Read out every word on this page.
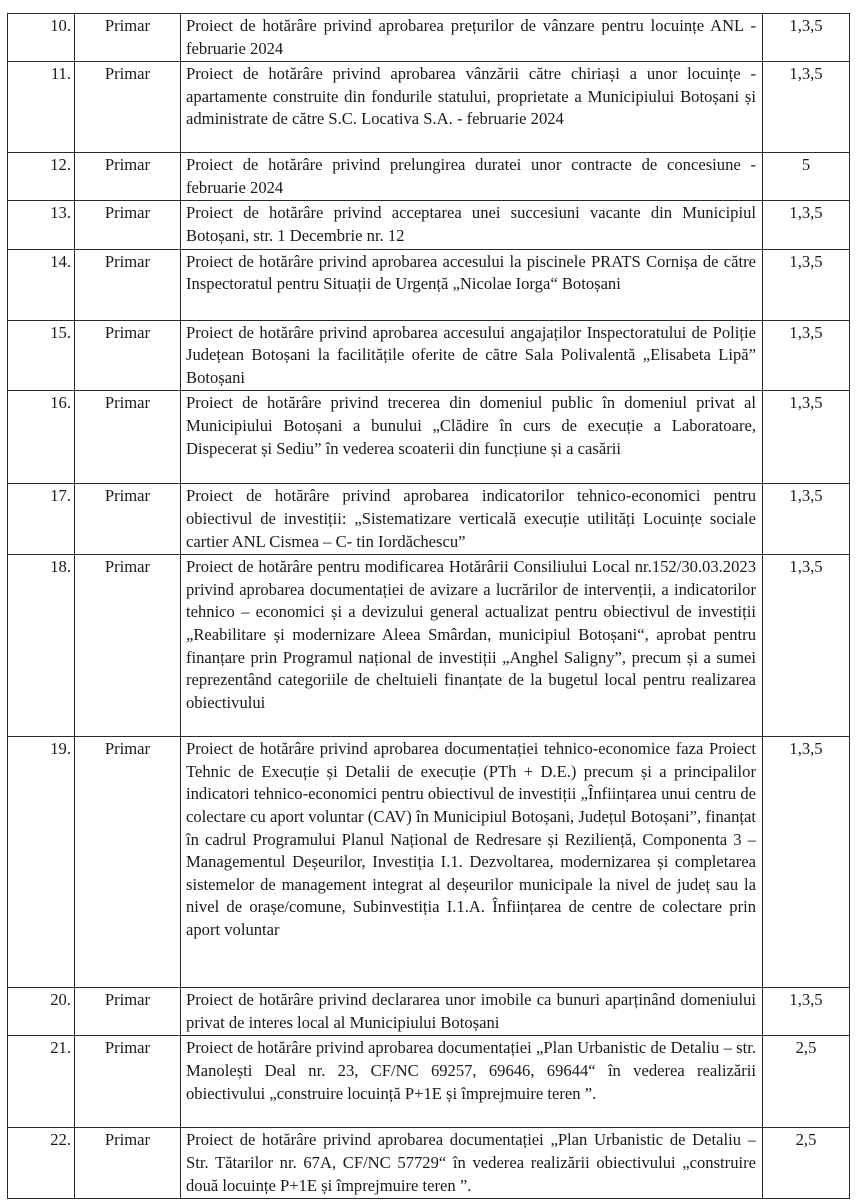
10.	Primar	Proiect de hotărâre privind aprobarea prețurilor de vânzare pentru locuințe ANL - februarie 2024	1,3,5
11.	Primar	Proiect de hotărâre privind aprobarea vânzării către chiriași a unor locuințe - apartamente construite din fondurile statului, proprietate a Municipiului Botoșani și administrate de către S.C. Locativa S.A. - februarie 2024	1,3,5
12.	Primar	Proiect de hotărâre privind prelungirea duratei unor contracte de concesiune -februarie 2024	5
13.	Primar	Proiect de hotărâre privind acceptarea unei succesiuni vacante din Municipiul Botoșani, str. 1 Decembrie nr. 12	1,3,5
14.	Primar	Proiect de hotărâre privind aprobarea accesului la piscinele PRATS Cornișa de către Inspectoratul pentru Situații de Urgență „Nicolae Iorga“ Botoșani	1,3,5
15.	Primar	Proiect de hotărâre privind aprobarea accesului angajaților Inspectoratului de Poliție Județean Botoșani la facilitățile oferite de către Sala Polivalentă „Elisabeta Lipă” Botoșani	1,3,5
16.	Primar	Proiect de hotărâre privind trecerea din domeniul public în domeniul privat al Municipiului Botoșani a bunului „Clădire în curs de execuție a Laboratoare, Dispecerat și Sediu” în vederea scoaterii din funcțiune și a casării	1,3,5
17.	Primar	Proiect de hotărâre privind aprobarea indicatorilor tehnico-economici pentru obiectivul de investiții: „Sistematizare verticală execuție utilități Locuințe sociale cartier ANL Cismea – C- tin Iordăchescu”	1,3,5
18.	Primar	Proiect de hotărâre pentru modificarea Hotărârii Consiliului Local nr.152/30.03.2023 privind aprobarea documentației de avizare a lucrărilor de intervenții, a indicatorilor tehnico – economici și a devizului general actualizat pentru obiectivul de investiții „Reabilitare și modernizare Aleea Smârdan, municipiul Botoșani“, aprobat pentru finanțare prin Programul național de investiții „Anghel Saligny”, precum și a sumei reprezentând categoriile de cheltuieli finanțate de la bugetul local pentru realizarea obiectivului	1,3,5
19.	Primar	Proiect de hotărâre privind aprobarea documentației tehnico-economice faza Proiect Tehnic de Execuție și Detalii de execuție (PTh + D.E.) precum și a principalilor indicatori tehnico-economici pentru obiectivul de investiții „Înființarea unui centru de colectare cu aport voluntar (CAV) în Municipiul Botoșani, Județul Botoșani”, finanțat în cadrul Programului Planul Național de Redresare și Reziliență, Componenta 3 – Managementul Deșeurilor, Investiția I.1. Dezvoltarea, modernizarea și completarea sistemelor de management integrat al deșeurilor municipale la nivel de județ sau la nivel de orașe/comune, Subinvestiția I.1.A. Înființarea de centre de colectare prin aport voluntar	1,3,5
20.	Primar	Proiect de hotărâre privind declararea unor imobile ca bunuri aparținând domeniului privat de interes local al Municipiului Botoșani	1,3,5
21.	Primar	Proiect de hotărâre privind aprobarea documentației „Plan Urbanistic de Detaliu – str. Manolești Deal nr. 23, CF/NC 69257, 69646, 69644“ în vederea realizării obiectivului „construire locuință P+1E și împrejmuire teren ”.	2,5
22.	Primar	Proiect de hotărâre privind aprobarea documentației „Plan Urbanistic de Detaliu – Str. Tătarilor nr. 67A, CF/NC 57729“ în vederea realizării obiectivului „construire două locuințe P+1E și împrejmuire teren ”.	2,5
